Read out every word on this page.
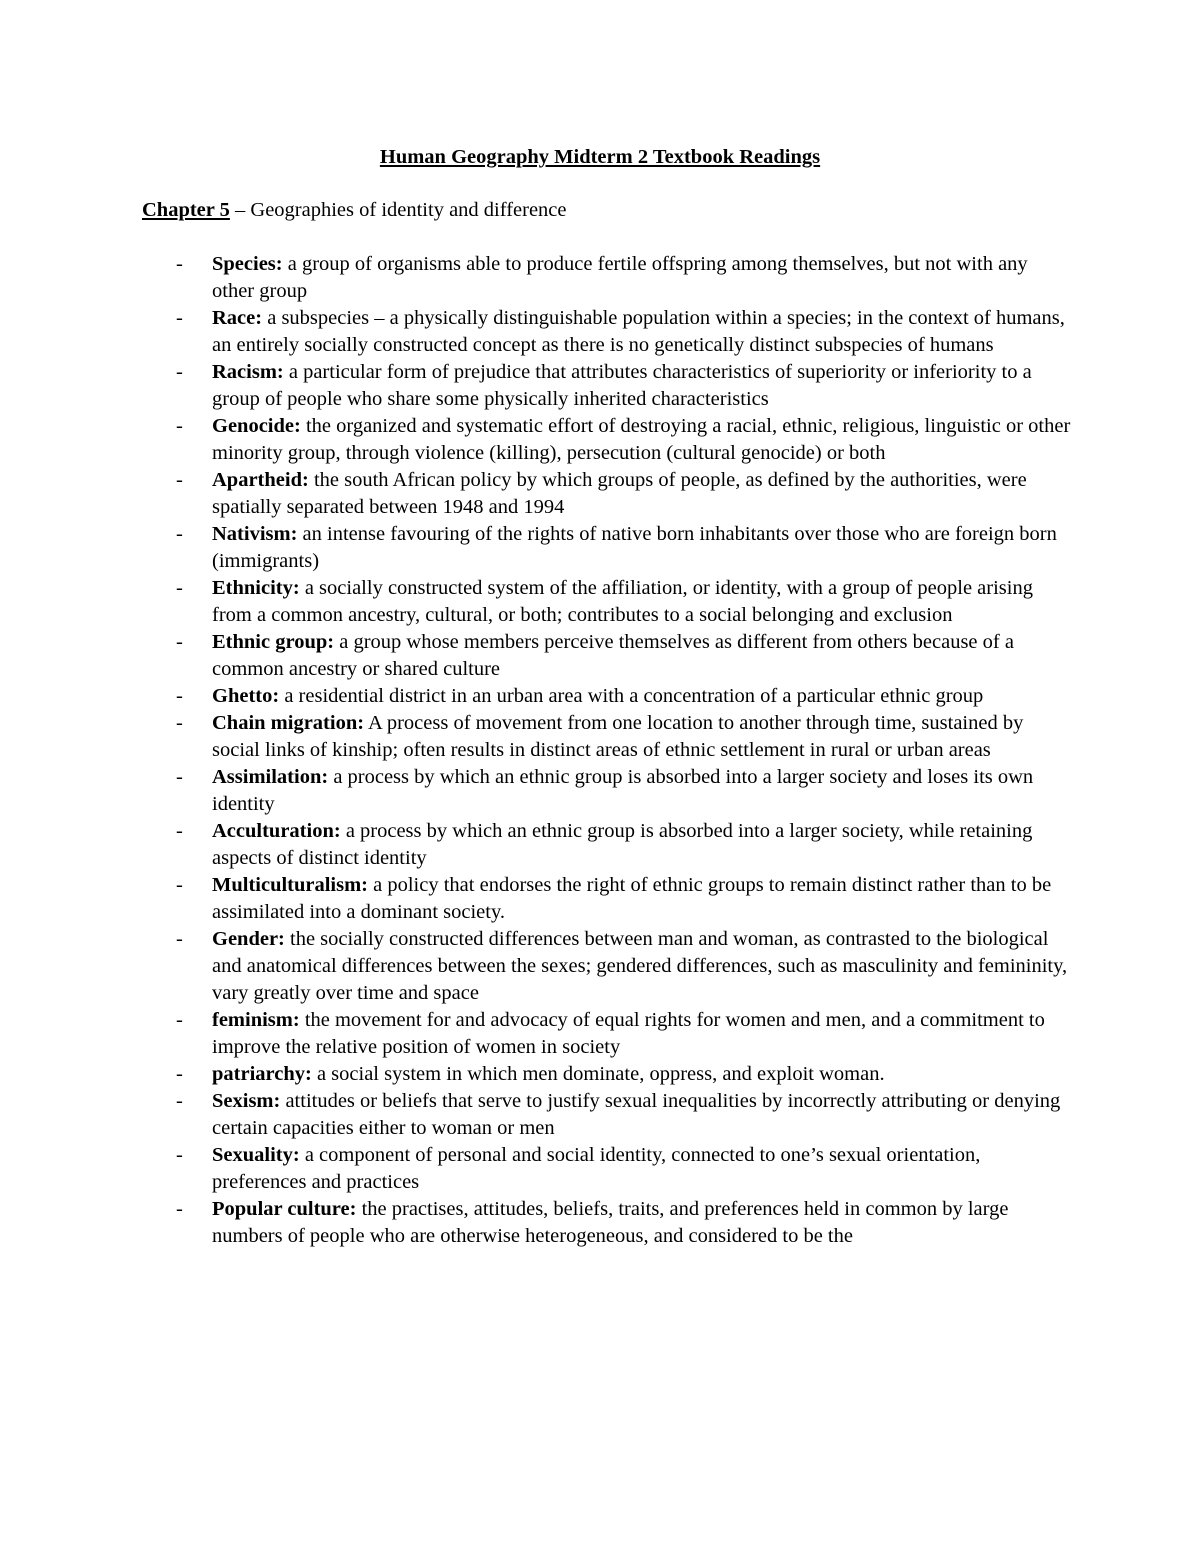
Human Geography Midterm 2 Textbook Readings

Chapter 5 – Geographies of identity and difference

- Species: a group of organisms able to produce fertile offspring among themselves, but not with any other group
- Race: a subspecies – a physically distinguishable population within a species; in the context of humans, an entirely socially constructed concept as there is no genetically distinct subspecies of humans
- Racism: a particular form of prejudice that attributes characteristics of superiority or inferiority to a group of people who share some physically inherited characteristics
- Genocide: the organized and systematic effort of destroying a racial, ethnic, religious, linguistic or other minority group, through violence (killing), persecution (cultural genocide) or both
- Apartheid: the south African policy by which groups of people, as defined by the authorities, were spatially separated between 1948 and 1994
- Nativism: an intense favouring of the rights of native born inhabitants over those who are foreign born (immigrants)
- Ethnicity: a socially constructed system of the affiliation, or identity, with a group of people arising from a common ancestry, cultural, or both; contributes to a social belonging and exclusion
- Ethnic group: a group whose members perceive themselves as different from others because of a common ancestry or shared culture
- Ghetto: a residential district in an urban area with a concentration of a particular ethnic group
- Chain migration: A process of movement from one location to another through time, sustained by social links of kinship; often results in distinct areas of ethnic settlement in rural or urban areas
- Assimilation: a process by which an ethnic group is absorbed into a larger society and loses its own identity
- Acculturation: a process by which an ethnic group is absorbed into a larger society, while retaining aspects of distinct identity
- Multiculturalism: a policy that endorses the right of ethnic groups to remain distinct rather than to be assimilated into a dominant society.
- Gender: the socially constructed differences between man and woman, as contrasted to the biological and anatomical differences between the sexes; gendered differences, such as masculinity and femininity, vary greatly over time and space
- feminism: the movement for and advocacy of equal rights for women and men, and a commitment to improve the relative position of women in society
- patriarchy: a social system in which men dominate, oppress, and exploit woman.
- Sexism: attitudes or beliefs that serve to justify sexual inequalities by incorrectly attributing or denying certain capacities either to woman or men
- Sexuality: a component of personal and social identity, connected to one’s sexual orientation, preferences and practices
- Popular culture: the practises, attitudes, beliefs, traits, and preferences held in common by large numbers of people who are otherwise heterogeneous, and considered to be the
